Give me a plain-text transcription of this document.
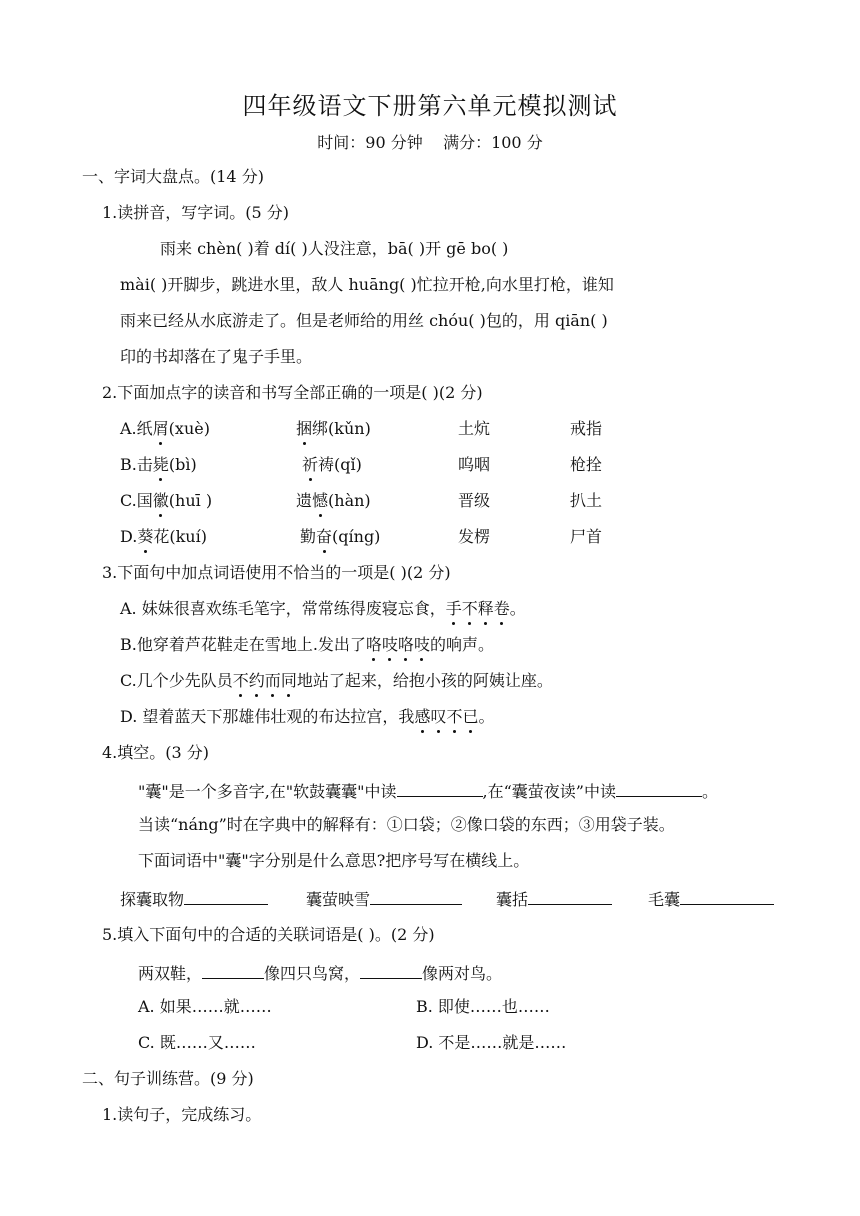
四年级语文下册第六单元模拟测试
时间：90 分钟    满分：100 分
一、字词大盘点。(14 分)
1.读拼音，写字词。(5 分)
雨来 chèn( )着 dí( )人没注意，bā( )开 gē bo( )
mài( )开脚步，跳进水里，敌人 huāng( )忙拉开枪,向水里打枪，谁知
雨来已经从水底游走了。但是老师给的用丝 chóu( )包的，用 qiān( )
印的书却落在了鬼子手里。
2.下面加点字的读音和书写全部正确的一项是( )(2 分)
A.纸屑(xuè)	捆绑(kǔn)	土炕	戒指
B.击毙(bì)	祈祷(qǐ)	呜咽	枪拴
C.国徽(huī )	遗憾(hàn)	晋级	扒土
D.葵花(kuí)	勤奋(qíng)	发楞	尸首
3.下面句中加点词语使用不恰当的一项是( )(2 分)
A. 妹妹很喜欢练毛笔字，常常练得废寝忘食，手不释卷。
B.他穿着芦花鞋走在雪地上.发出了咯吱咯吱的响声。
C.几个少先队员不约而同地站了起来，给抱小孩的阿姨让座。
D. 望着蓝天下那雄伟壮观的布达拉宫，我感叹不已。
4.填空。(3 分)
"囊"是一个多音字,在"软鼓囊囊"中读	,在“囊萤夜读”中读	。
当读“náng”时在字典中的解释有：①口袋；②像口袋的东西；③用袋子装。
下面词语中"囊"字分别是什么意思?把序号写在横线上。
探囊取物	囊萤映雪	囊括	毛囊
5.填入下面句中的合适的关联词语是( )。(2 分)
两双鞋，	像四只鸟窝，	像两对鸟。
A. 如果……就……	B. 即使……也……
C. 既……又……	D. 不是……就是……
二、句子训练营。(9 分)
1.读句子，完成练习。
